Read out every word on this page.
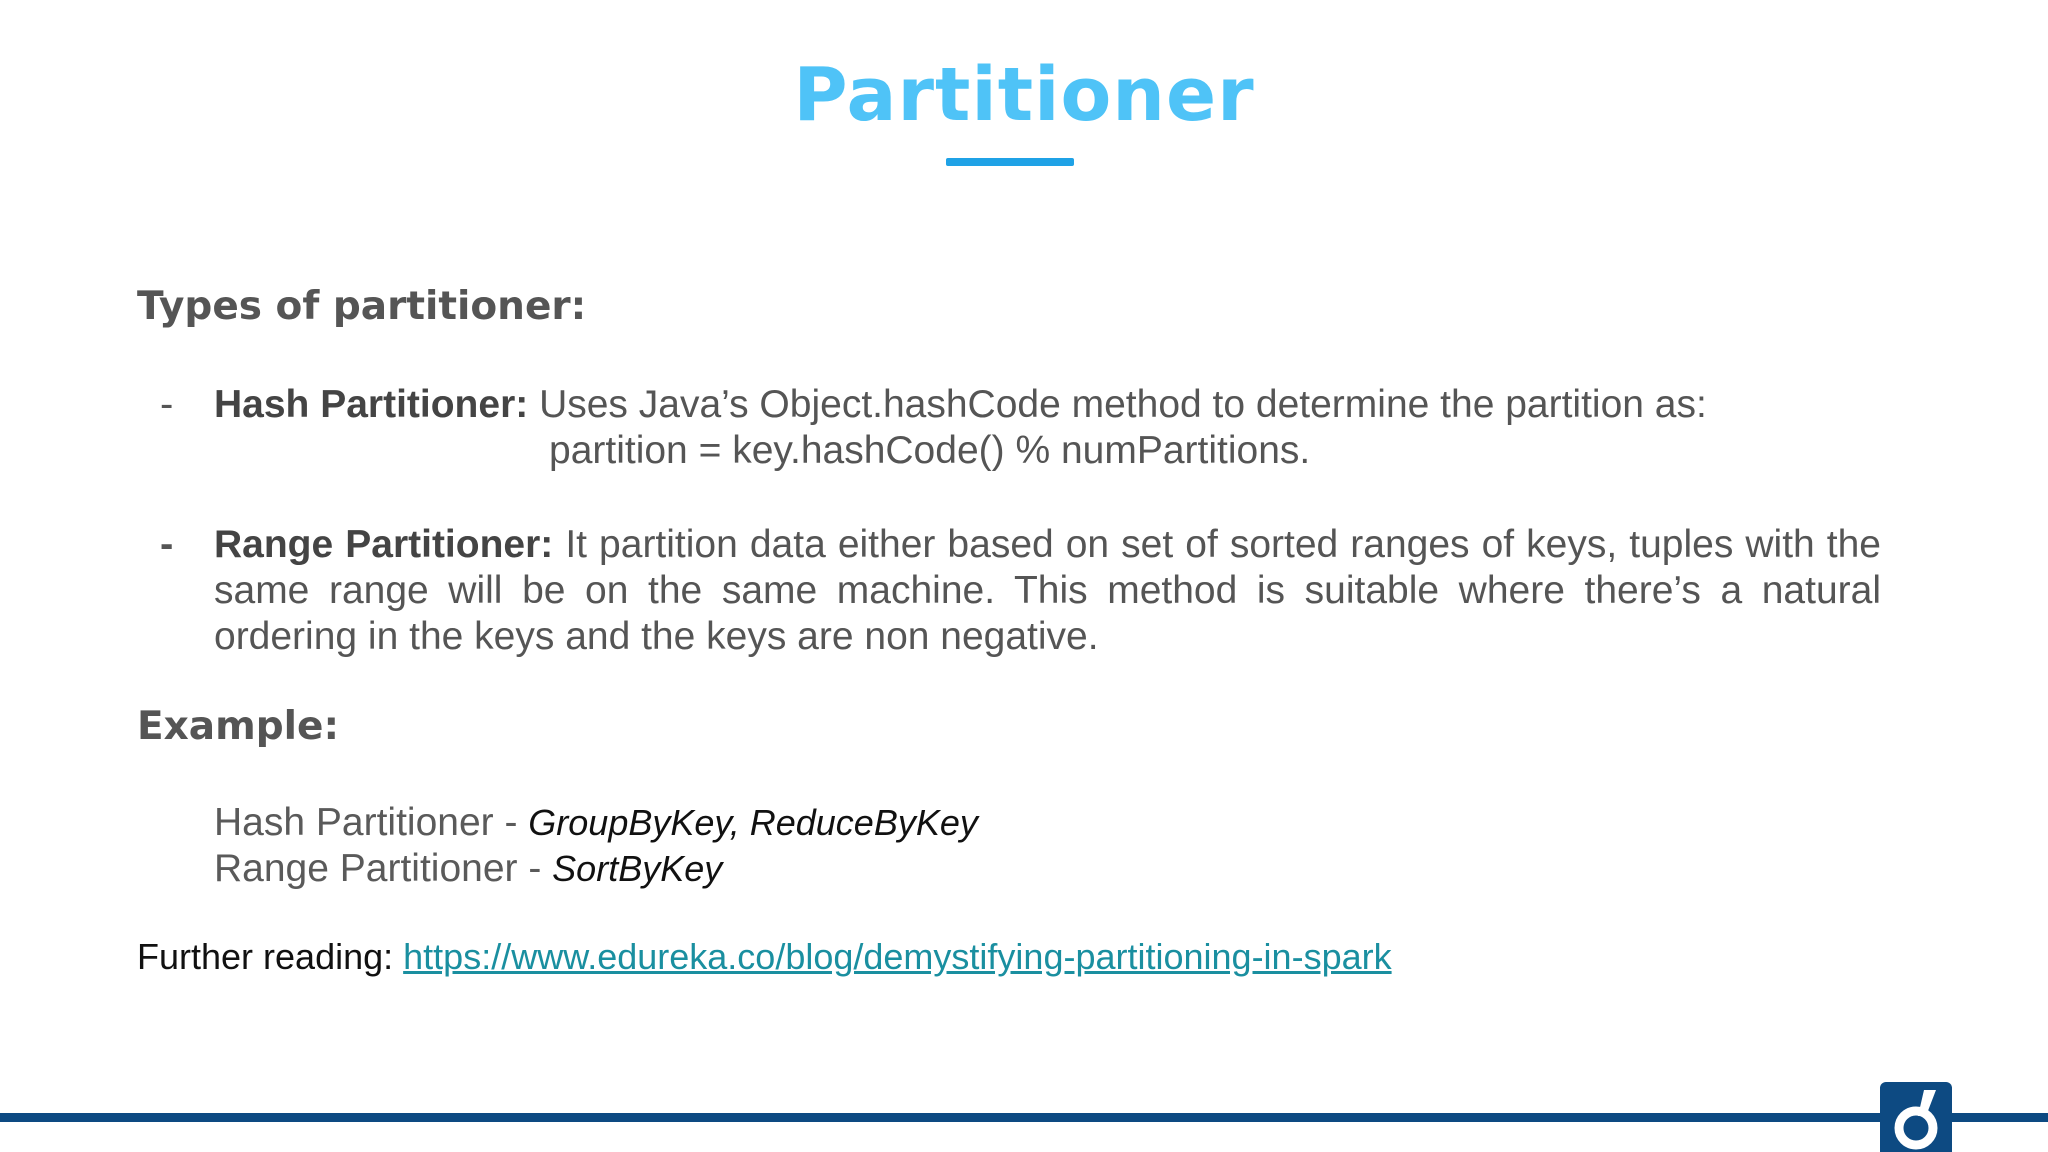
Partitioner
Types of partitioner:
- Hash Partitioner: Uses Java’s Object.hashCode method to determine the partition as:
partition = key.hashCode() % numPartitions.
- Range Partitioner: It partition data either based on set of sorted ranges of keys, tuples with the same range will be on the same machine. This method is suitable where there’s a natural ordering in the keys and the keys are non negative.
Example:
Hash Partitioner - GroupByKey, ReduceByKey
Range Partitioner - SortByKey
Further reading: https://www.edureka.co/blog/demystifying-partitioning-in-spark
